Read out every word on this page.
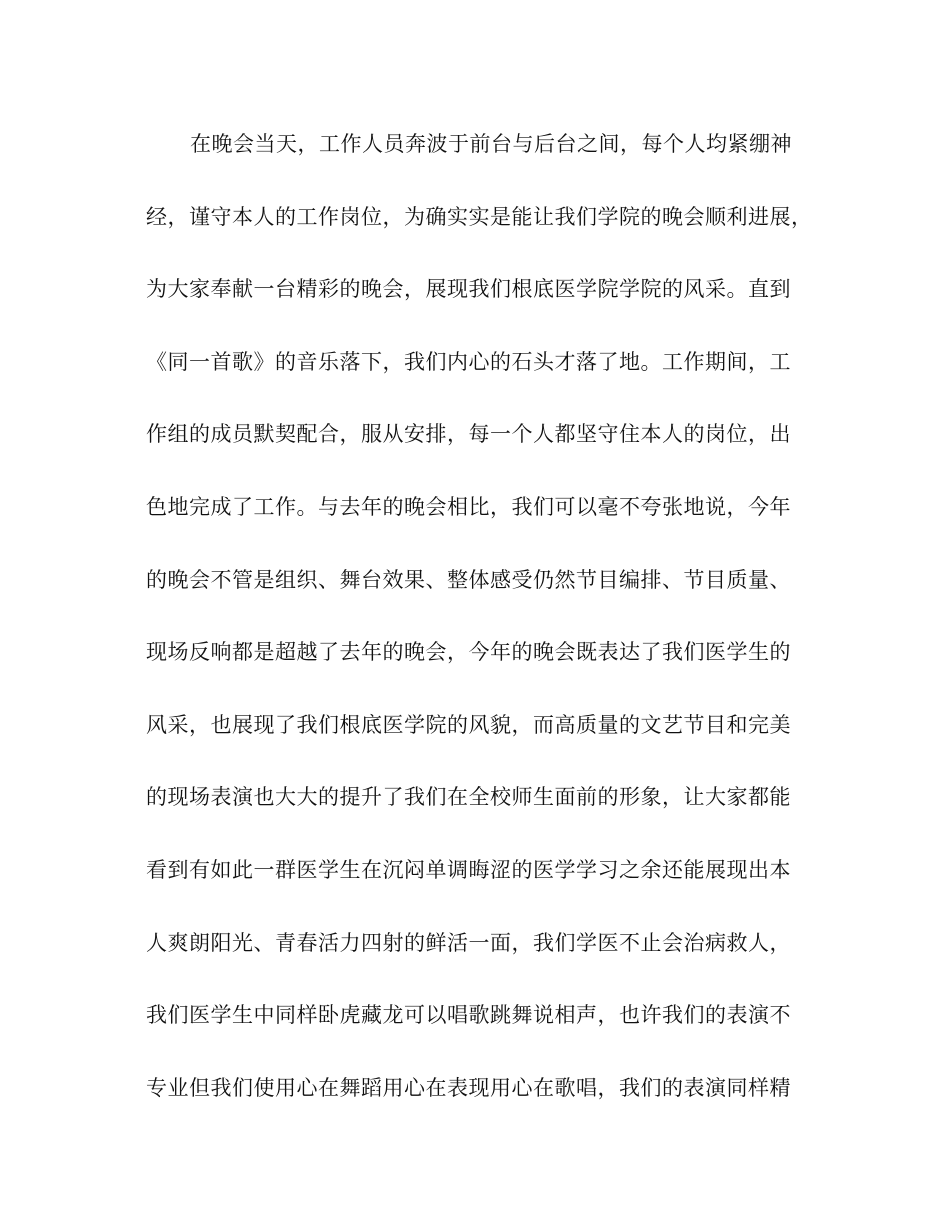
在晚会当天，工作人员奔波于前台与后台之间，每个人均紧绷神
经，谨守本人的工作岗位，为确实实是能让我们学院的晚会顺利进展，
为大家奉献一台精彩的晚会，展现我们根底医学院学院的风采。直到
《同一首歌》的音乐落下，我们内心的石头才落了地。工作期间，工
作组的成员默契配合，服从安排，每一个人都坚守住本人的岗位，出
色地完成了工作。与去年的晚会相比，我们可以毫不夸张地说，今年
的晚会不管是组织、舞台效果、整体感受仍然节目编排、节目质量、
现场反响都是超越了去年的晚会，今年的晚会既表达了我们医学生的
风采，也展现了我们根底医学院的风貌，而高质量的文艺节目和完美
的现场表演也大大的提升了我们在全校师生面前的形象，让大家都能
看到有如此一群医学生在沉闷单调晦涩的医学学习之余还能展现出本
人爽朗阳光、青春活力四射的鲜活一面，我们学医不止会治病救人，
我们医学生中同样卧虎藏龙可以唱歌跳舞说相声，也许我们的表演不
专业但我们使用心在舞蹈用心在表现用心在歌唱，我们的表演同样精
